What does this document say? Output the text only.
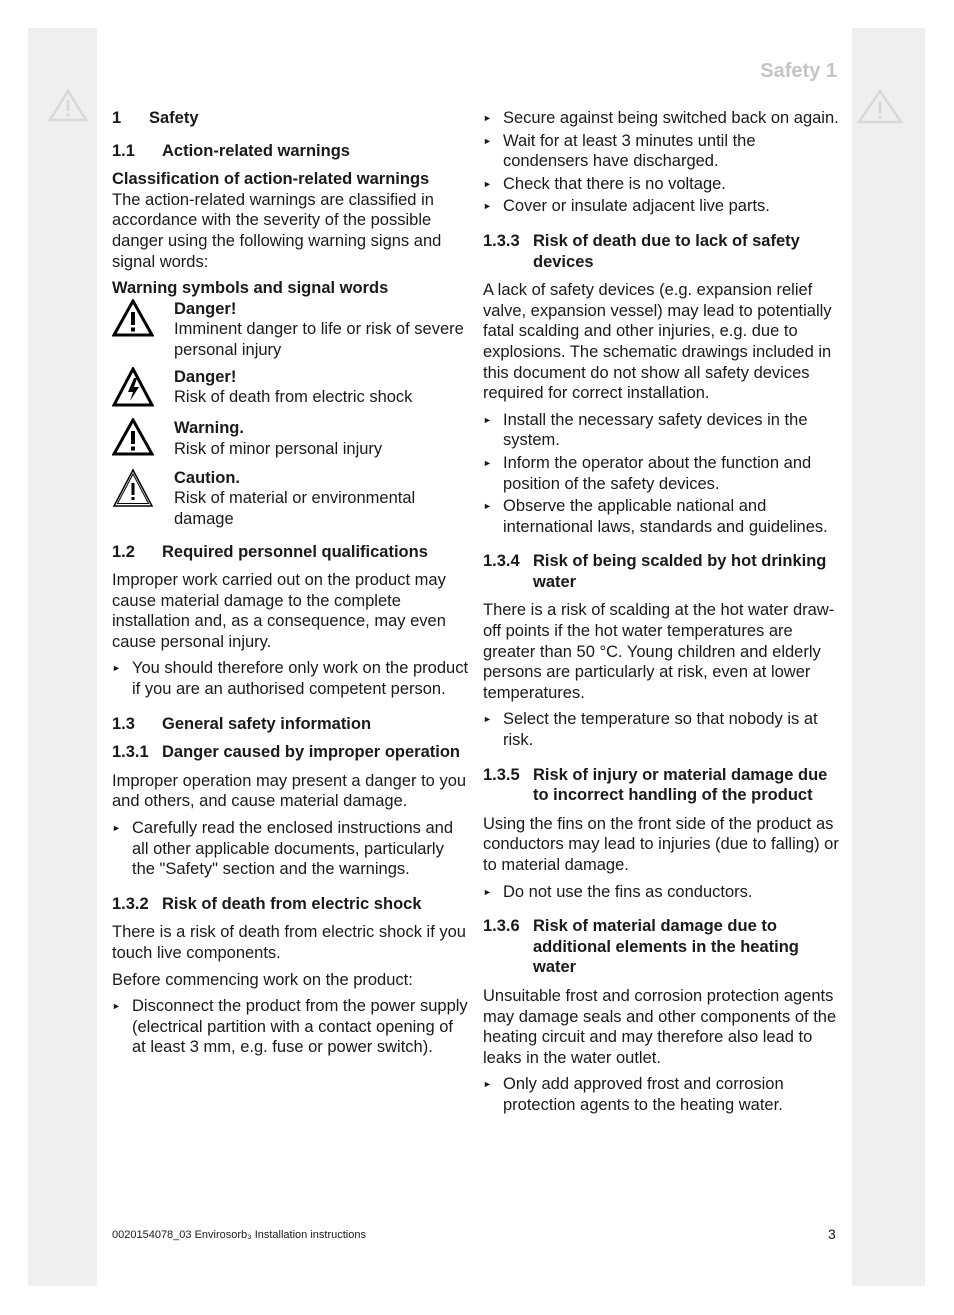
Safety 1
1	Safety
1.1	Action-related warnings
Classification of action-related warnings

The action-related warnings are classified in accordance with the severity of the possible danger using the following warning signs and signal words:

Warning symbols and signal words
Danger!
Imminent danger to life or risk of severe personal injury
Danger!
Risk of death from electric shock
Warning.
Risk of minor personal injury
Caution.
Risk of material or environmental damage
1.2	Required personnel qualifications

Improper work carried out on the product may cause material damage to the complete installation and, as a consequence, may even cause personal injury.

► You should therefore only work on the product if you are an authorised competent person.
1.3	General safety information
1.3.1 Danger caused by improper operation

Improper operation may present a danger to you and others, and cause material damage.

► Carefully read the enclosed instructions and all other applicable documents, particularly the "Safety" section and the warnings.
1.3.2 Risk of death from electric shock

There is a risk of death from electric shock if you touch live components.

Before commencing work on the product:

► Disconnect the product from the power supply (electrical partition with a contact opening of at least 3 mm, e.g. fuse or power switch).
► Secure against being switched back on again.
► Wait for at least 3 minutes until the condensers have discharged.
► Check that there is no voltage.
► Cover or insulate adjacent live parts.
1.3.3 Risk of death due to lack of safety devices

A lack of safety devices (e.g. expansion relief valve, expansion vessel) may lead to potentially fatal scalding and other injuries, e.g. due to explosions. The schematic drawings included in this document do not show all safety devices required for correct installation.

► Install the necessary safety devices in the system.
► Inform the operator about the function and position of the safety devices.
► Observe the applicable national and international laws, standards and guidelines.
1.3.4 Risk of being scalded by hot drinking water

There is a risk of scalding at the hot water draw-off points if the hot water temperatures are greater than 50 °C. Young children and elderly persons are particularly at risk, even at lower temperatures.

► Select the temperature so that nobody is at risk.
1.3.5 Risk of injury or material damage due to incorrect handling of the product

Using the fins on the front side of the product as conductors may lead to injuries (due to falling) or to material damage.

► Do not use the fins as conductors.
1.3.6 Risk of material damage due to additional elements in the heating water

Unsuitable frost and corrosion protection agents may damage seals and other components of the heating circuit and may therefore also lead to leaks in the water outlet.

► Only add approved frost and corrosion protection agents to the heating water.
0020154078_03 Envirosorb₃ Installation instructions	3
